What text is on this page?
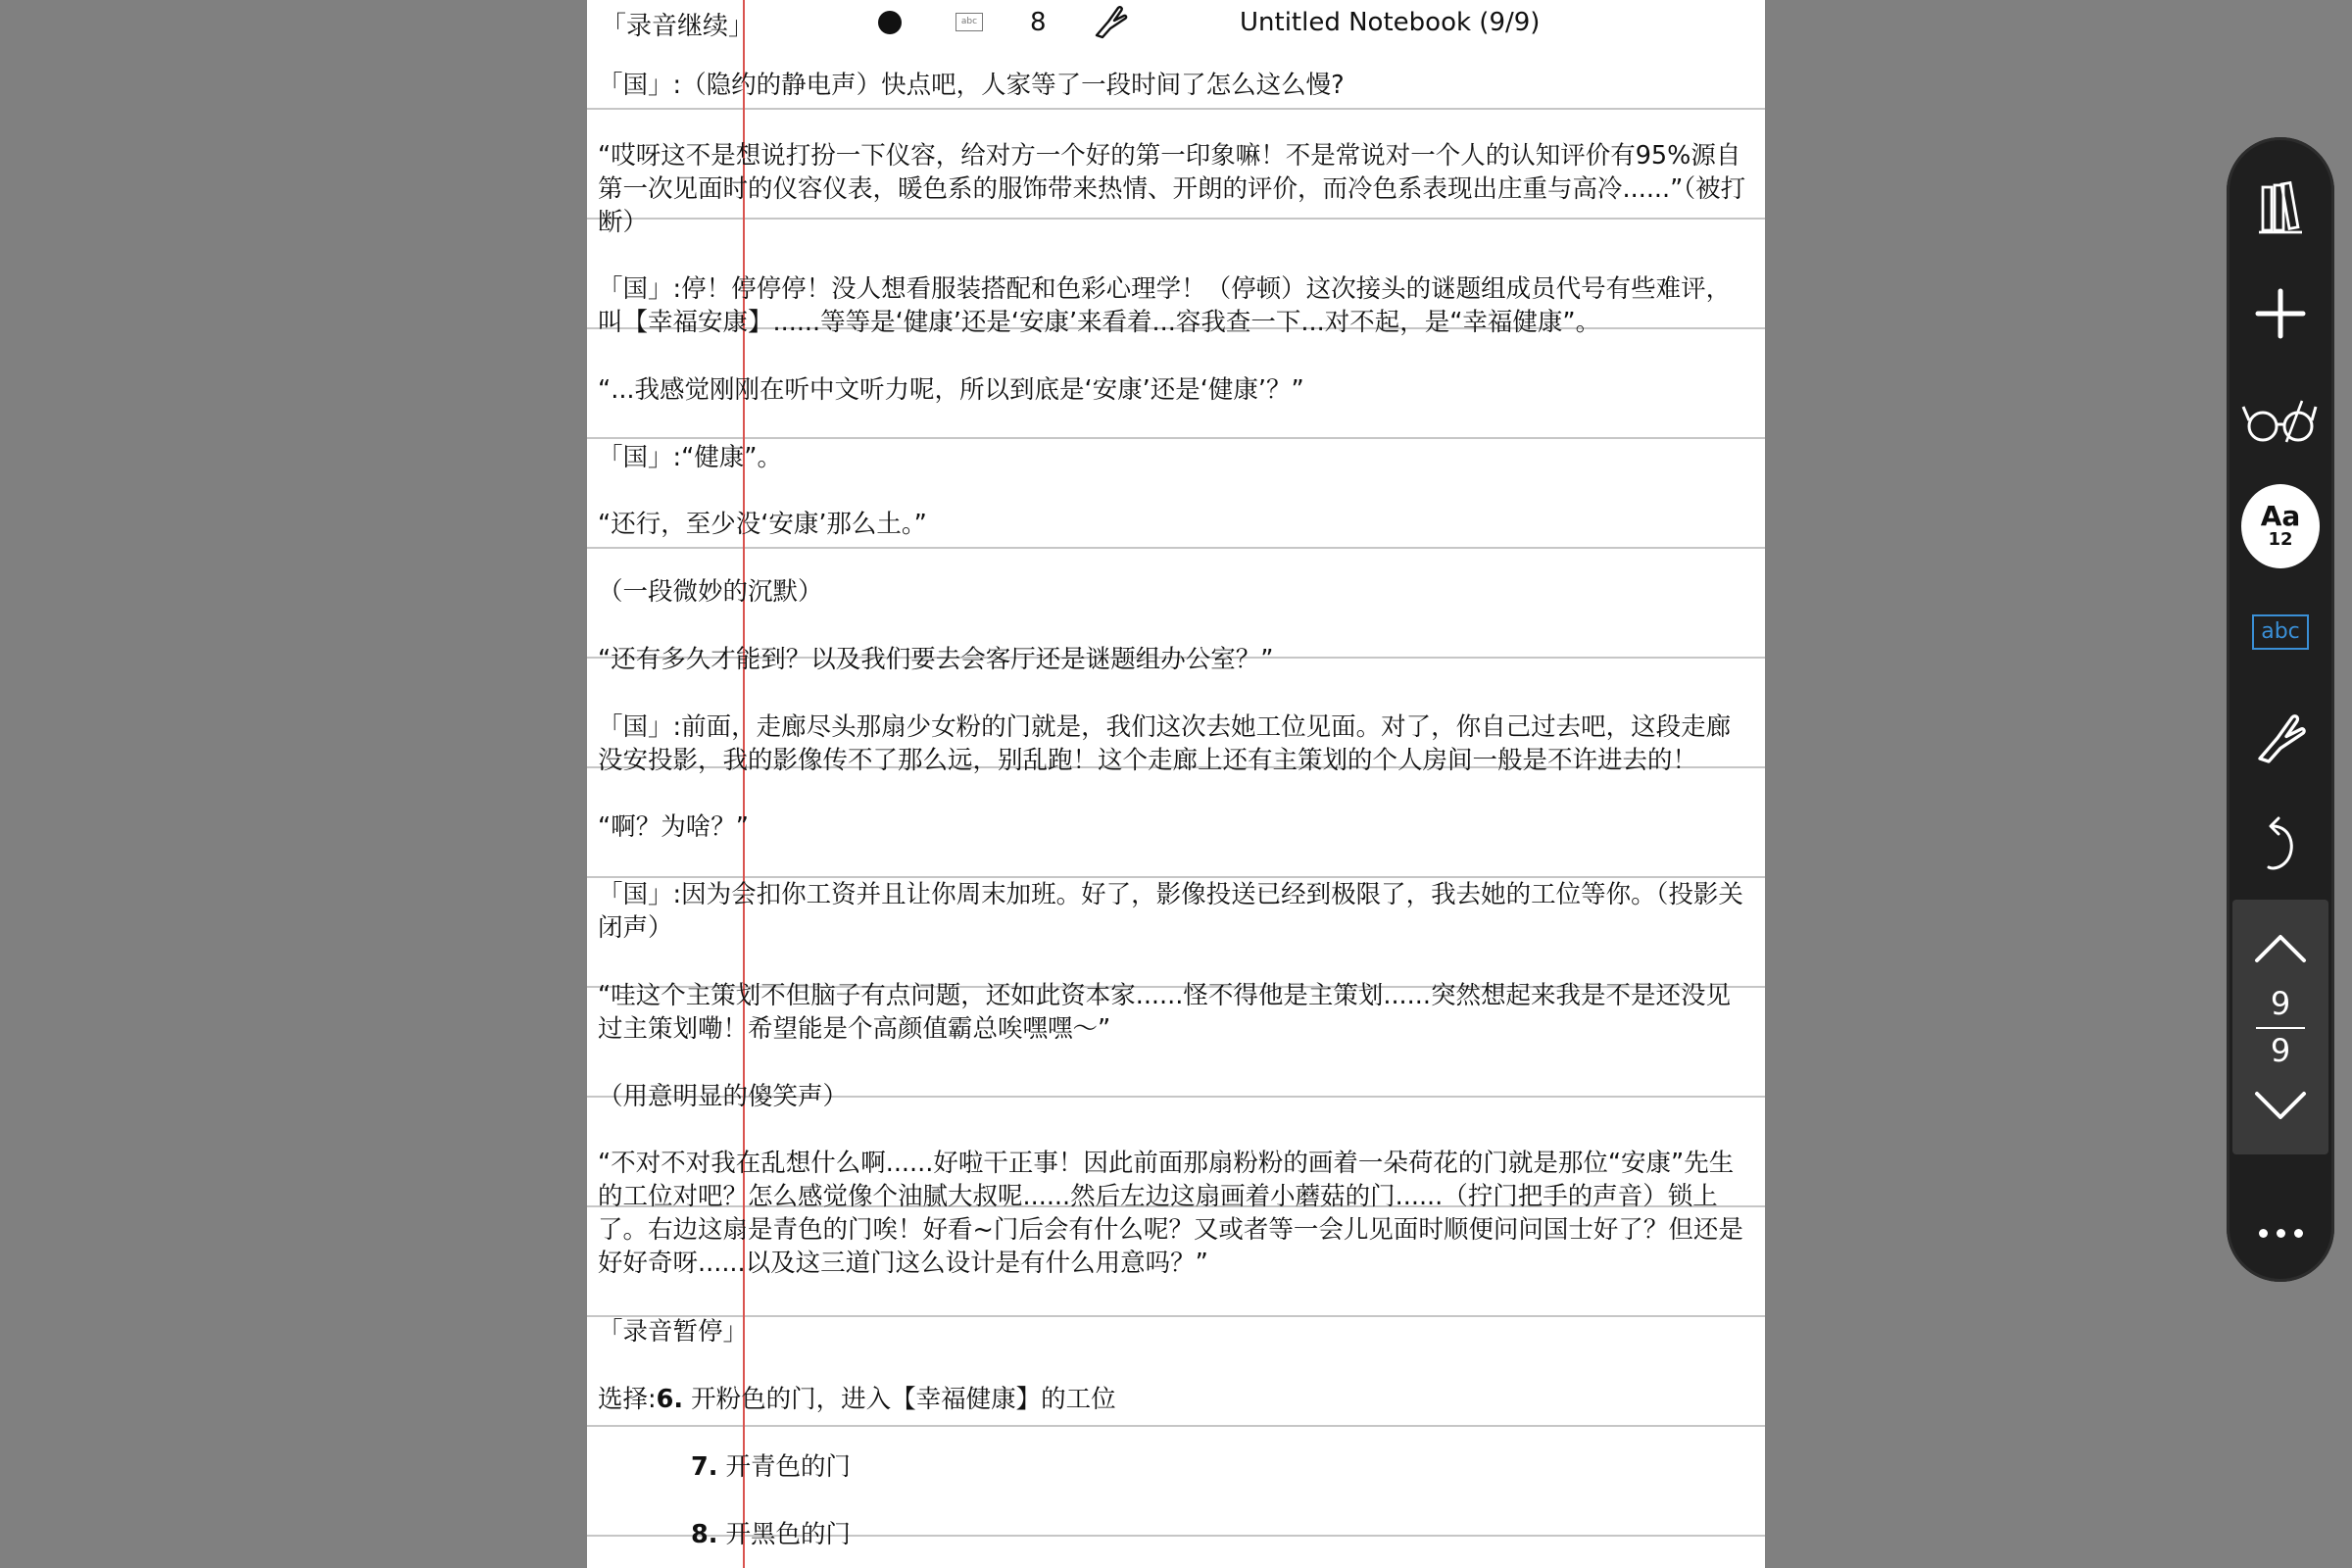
「录音继续」	abc 8	Untitled Notebook (9/9)
「国」:（隐约的静电声）快点吧，人家等了一段时间了怎么这么慢?
“哎呀这不是想说打扮一下仪容，给对方一个好的第一印象嘛！不是常说对一个人的认知评价有95%源自第一次见面时的仪容仪表，暖色系的服饰带来热情、开朗的评价，而冷色系表现出庄重与高冷......”（被打断）
「国」:停！停停停！没人想看服装搭配和色彩心理学！（停顿）这次接头的谜题组成员代号有些难评，叫【幸福安康】......等等是‘健康’还是‘安康’来看着...容我查一下...对不起，是“幸福健康”。
“...我感觉刚刚在听中文听力呢，所以到底是‘安康’还是‘健康’？”
「国」:“健康”。
“还行，至少没‘安康’那么土。”
（一段微妙的沉默）
“还有多久才能到？以及我们要去会客厅还是谜题组办公室？”
「国」:前面，走廊尽头那扇少女粉的门就是，我们这次去她工位见面。对了，你自己过去吧，这段走廊没安投影，我的影像传不了那么远，别乱跑！这个走廊上还有主策划的个人房间一般是不许进去的！
“啊？为啥？”
「国」:因为会扣你工资并且让你周末加班。好了，影像投送已经到极限了，我去她的工位等你。（投影关闭声）
“哇这个主策划不但脑子有点问题，还如此资本家......怪不得他是主策划......突然想起来我是不是还没见过主策划嘞！希望能是个高颜值霸总唉嘿嘿～”
（用意明显的傻笑声）
“不对不对我在乱想什么啊......好啦干正事！因此前面那扇粉粉的画着一朵荷花的门就是那位“安康”先生的工位对吧？怎么感觉像个油腻大叔呢......然后左边这扇画着小蘑菇的门......（拧门把手的声音）锁上了。右边这扇是青色的门唉！好看~门后会有什么呢？又或者等一会儿见面时顺便问问国士好了？但还是好好奇呀......以及这三道门这么设计是有什么用意吗？”
「录音暂停」
选择:6. 开粉色的门，进入【幸福健康】的工位
7. 开青色的门
8. 开黑色的门
Aa
12
abc
9
9
